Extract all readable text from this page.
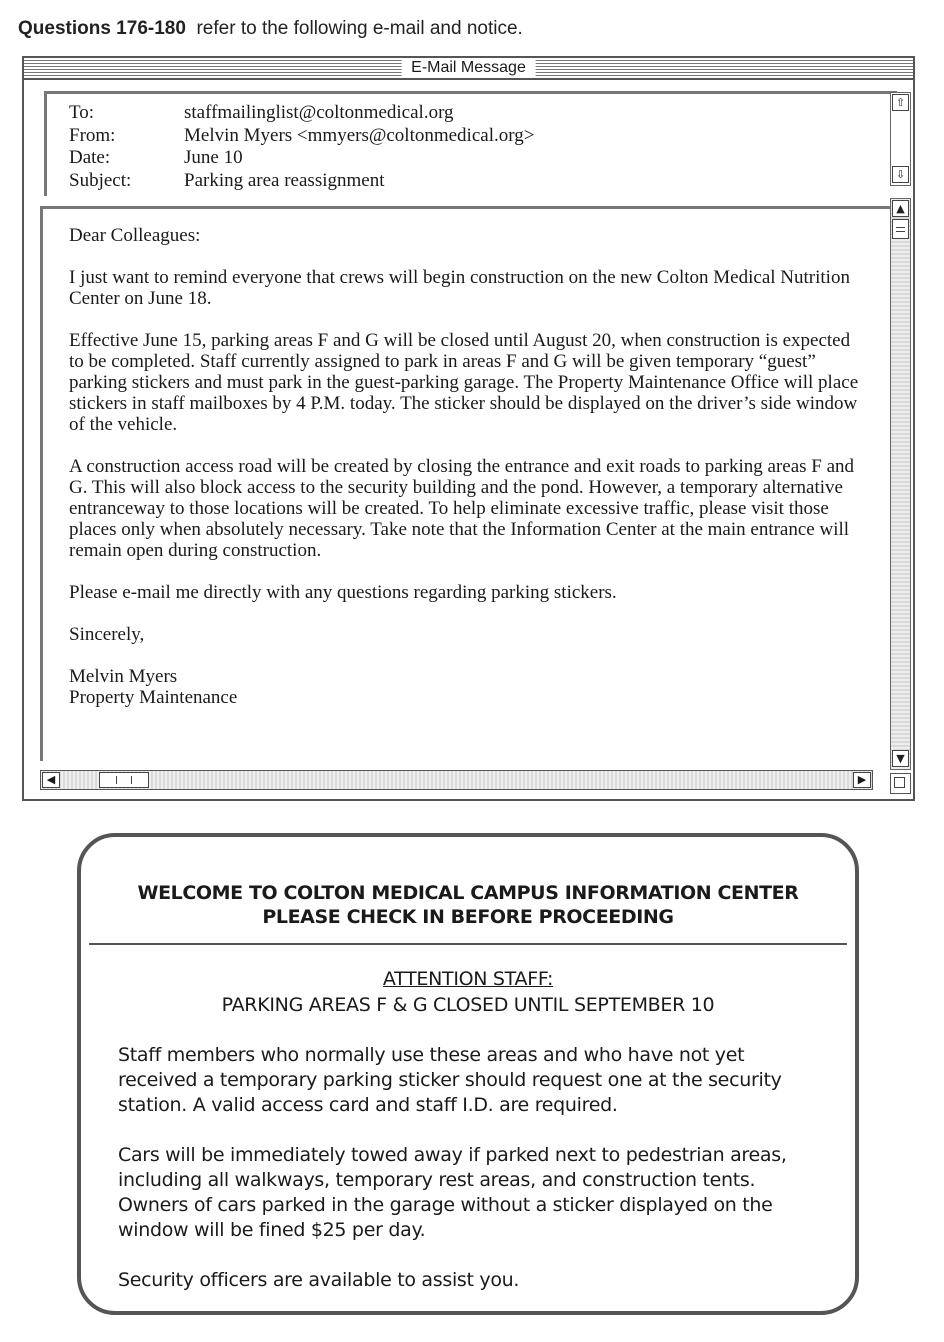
Questions 176-180 refer to the following e-mail and notice.
E-Mail Message
To:	staffmailinglist@coltonmedical.org
From:	Melvin Myers <mmyers@coltonmedical.org>
Date:	June 10
Subject:	Parking area reassignment
⇧
⇩

Dear Colleagues:

I just want to remind everyone that crews will begin construction on the new Colton Medical Nutrition Center on June 18.

Effective June 15, parking areas F and G will be closed until August 20, when construction is expected to be completed. Staff currently assigned to park in areas F and G will be given temporary “guest” parking stickers and must park in the guest-parking garage. The Property Maintenance Office will place stickers in staff mailboxes by 4 P.M. today. The sticker should be displayed on the driver’s side window of the vehicle.

A construction access road will be created by closing the entrance and exit roads to parking areas F and G. This will also block access to the security building and the pond. However, a temporary alternative entranceway to those locations will be created. To help eliminate excessive traffic, please visit those places only when absolutely necessary. Take note that the Information Center at the main entrance will remain open during construction.

Please e-mail me directly with any questions regarding parking stickers.

Sincerely,

Melvin Myers
Property Maintenance
▲
▼
◀	▶
WELCOME TO COLTON MEDICAL CAMPUS INFORMATION CENTER
PLEASE CHECK IN BEFORE PROCEEDING
ATTENTION STAFF:
PARKING AREAS F & G CLOSED UNTIL SEPTEMBER 10

Staff members who normally use these areas and who have not yet received a temporary parking sticker should request one at the security station. A valid access card and staff I.D. are required.

Cars will be immediately towed away if parked next to pedestrian areas, including all walkways, temporary rest areas, and construction tents. Owners of cars parked in the garage without a sticker displayed on the window will be fined $25 per day.

Security officers are available to assist you.
